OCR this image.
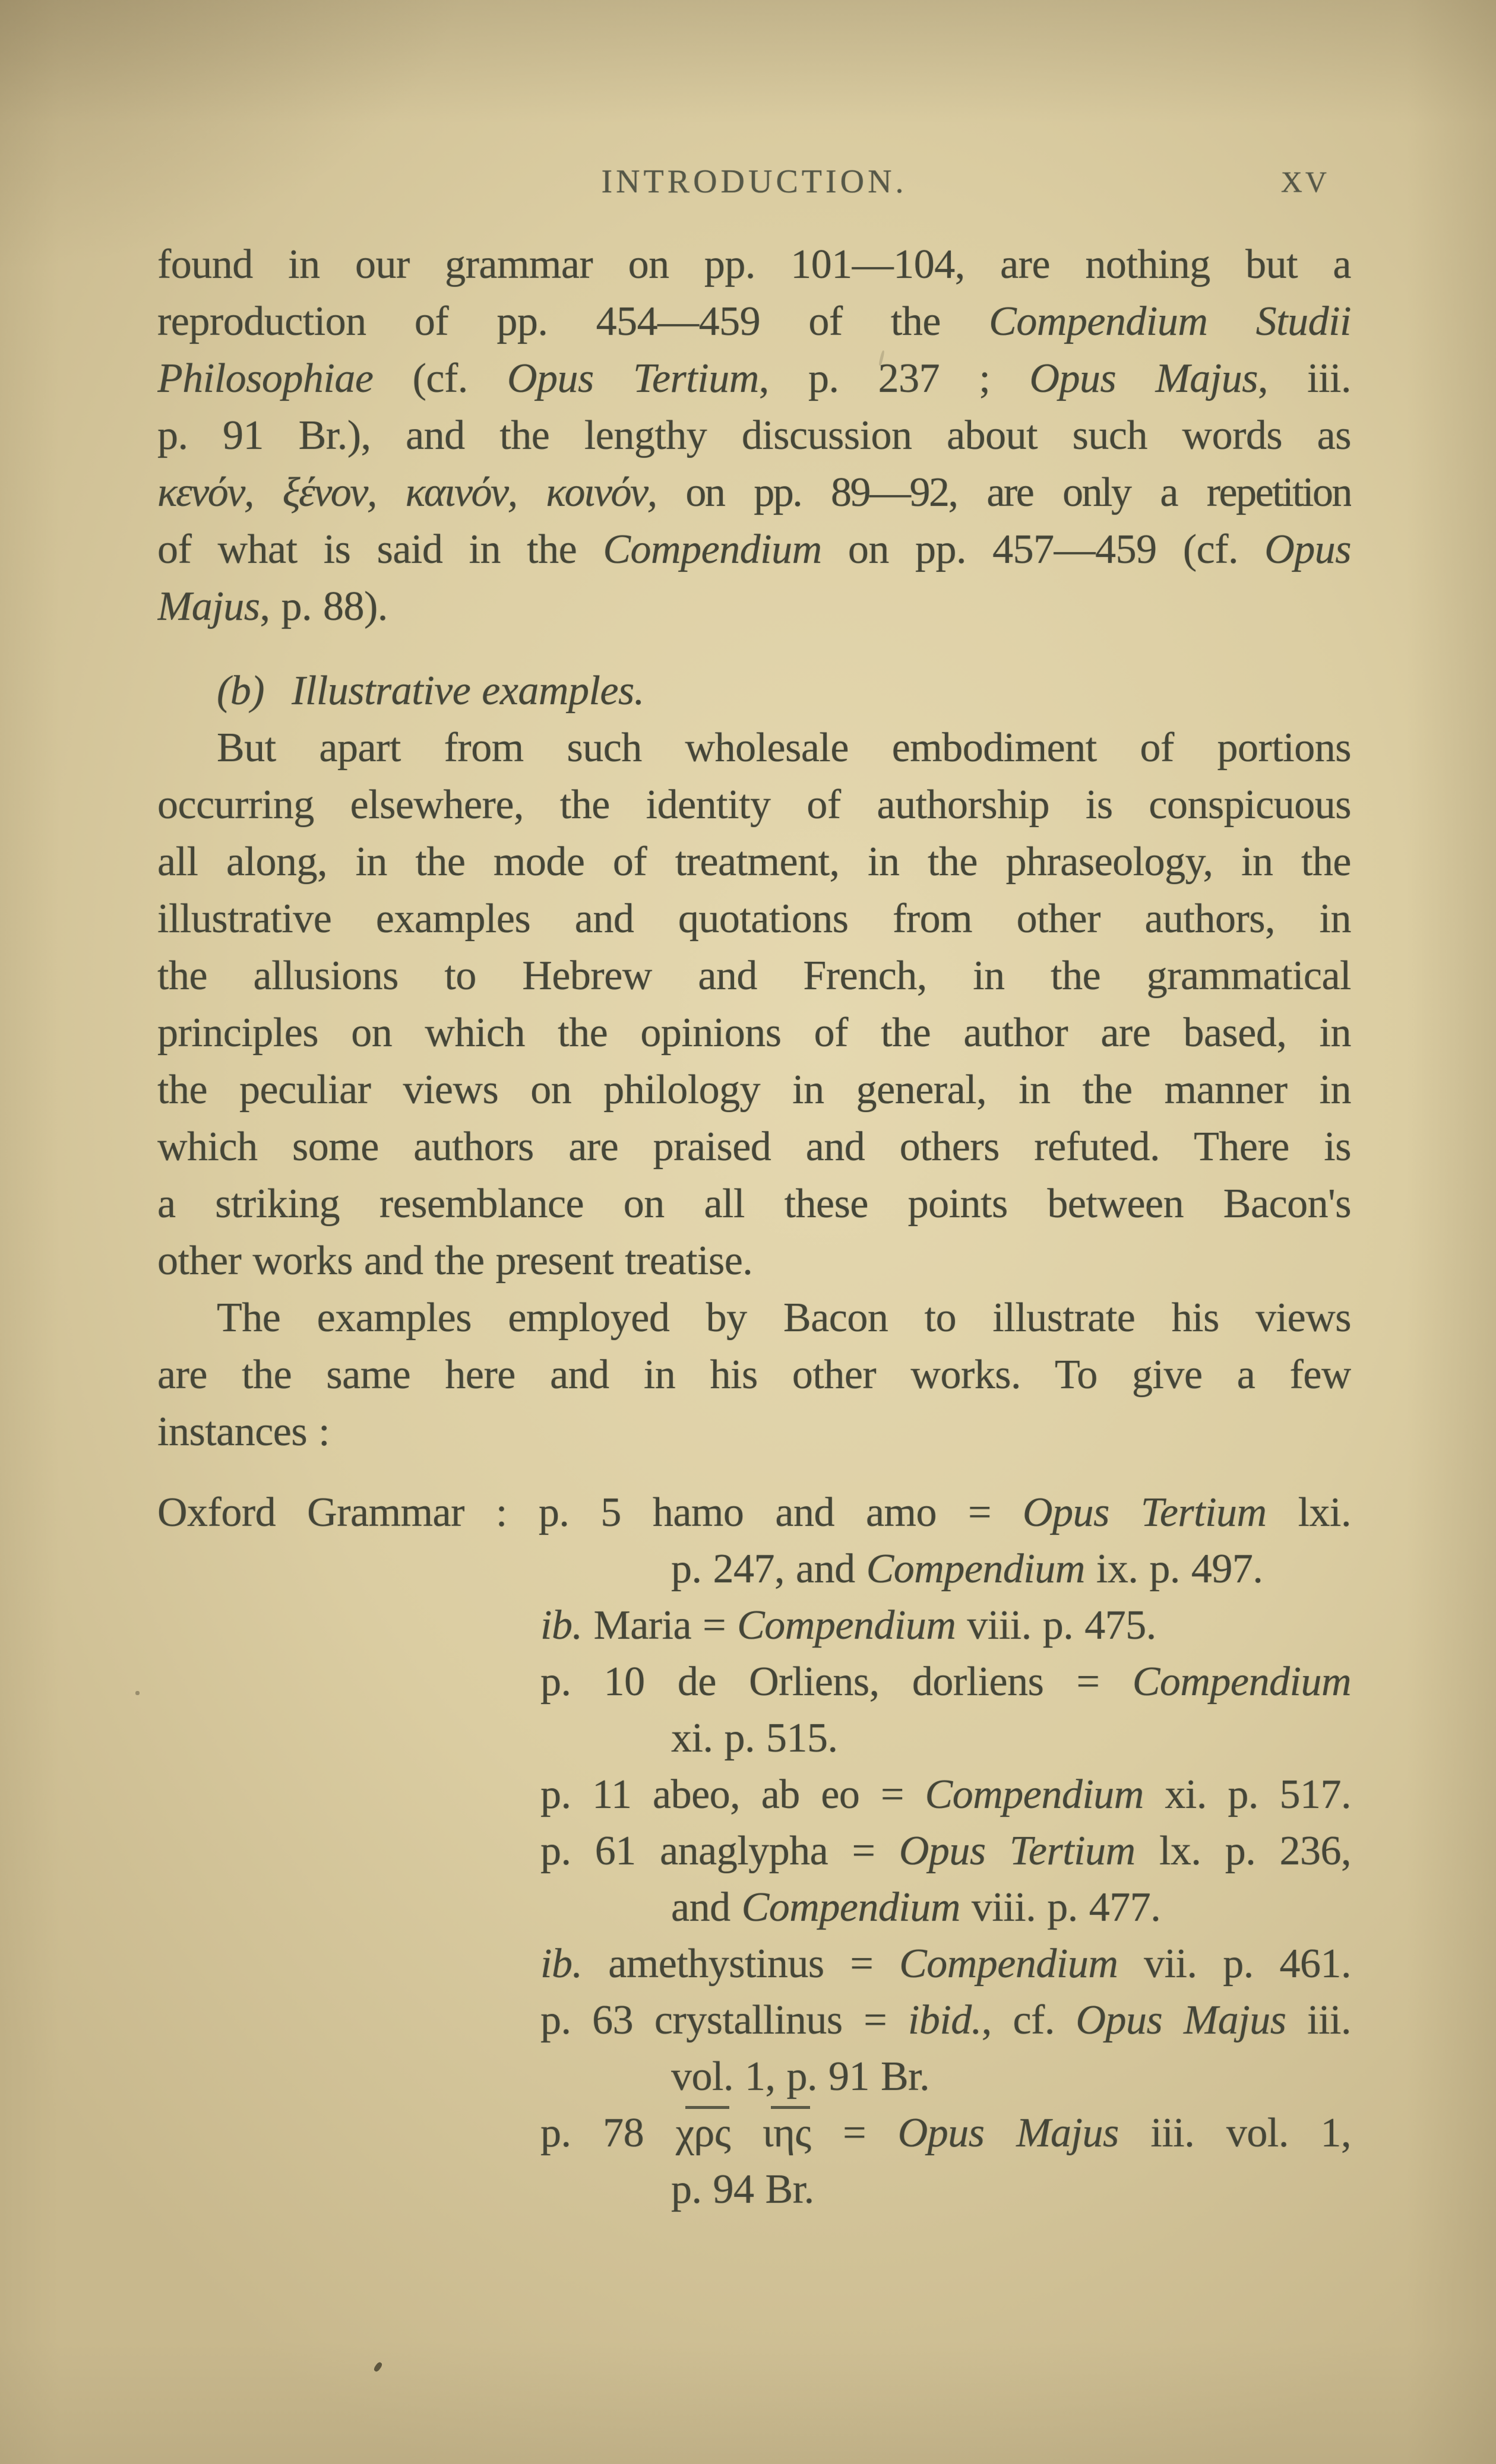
INTRODUCTION.	XV
found in our grammar on pp. 101—104, are nothing but a
reproduction of pp. 454—459 of the Compendium Studii
Philosophiae (cf. Opus Tertium, p. 237 ; Opus Majus, iii.
p. 91 Br.), and the lengthy discussion about such words as
κενόν, ξένον, καινόν, κοινόν, on pp. 89—92, are only a repetition
of what is said in the Compendium on pp. 457—459 (cf. Opus
Majus, p. 88).
(b) Illustrative examples.
But apart from such wholesale embodiment of portions
occurring elsewhere, the identity of authorship is conspicuous
all along, in the mode of treatment, in the phraseology, in the
illustrative examples and quotations from other authors, in
the allusions to Hebrew and French, in the grammatical
principles on which the opinions of the author are based, in
the peculiar views on philology in general, in the manner in
which some authors are praised and others refuted. There is
a striking resemblance on all these points between Bacon's
other works and the present treatise.
The examples employed by Bacon to illustrate his views
are the same here and in his other works. To give a few
instances :
Oxford Grammar : p. 5 hamo and amo = Opus Tertium lxi.
p. 247, and Compendium ix. p. 497.
ib. Maria = Compendium viii. p. 475.
p. 10 de Orliens, dorliens = Compendium
xi. p. 515.
p. 11 abeo, ab eo = Compendium xi. p. 517.
p. 61 anaglypha = Opus Tertium lx. p. 236,
and Compendium viii. p. 477.
ib. amethystinus = Compendium vii. p. 461.
p. 63 crystallinus = ibid., cf. Opus Majus iii.
vol. 1, p. 91 Br.
p. 78 χρς ιης = Opus Majus iii. vol. 1,
p. 94 Br.
